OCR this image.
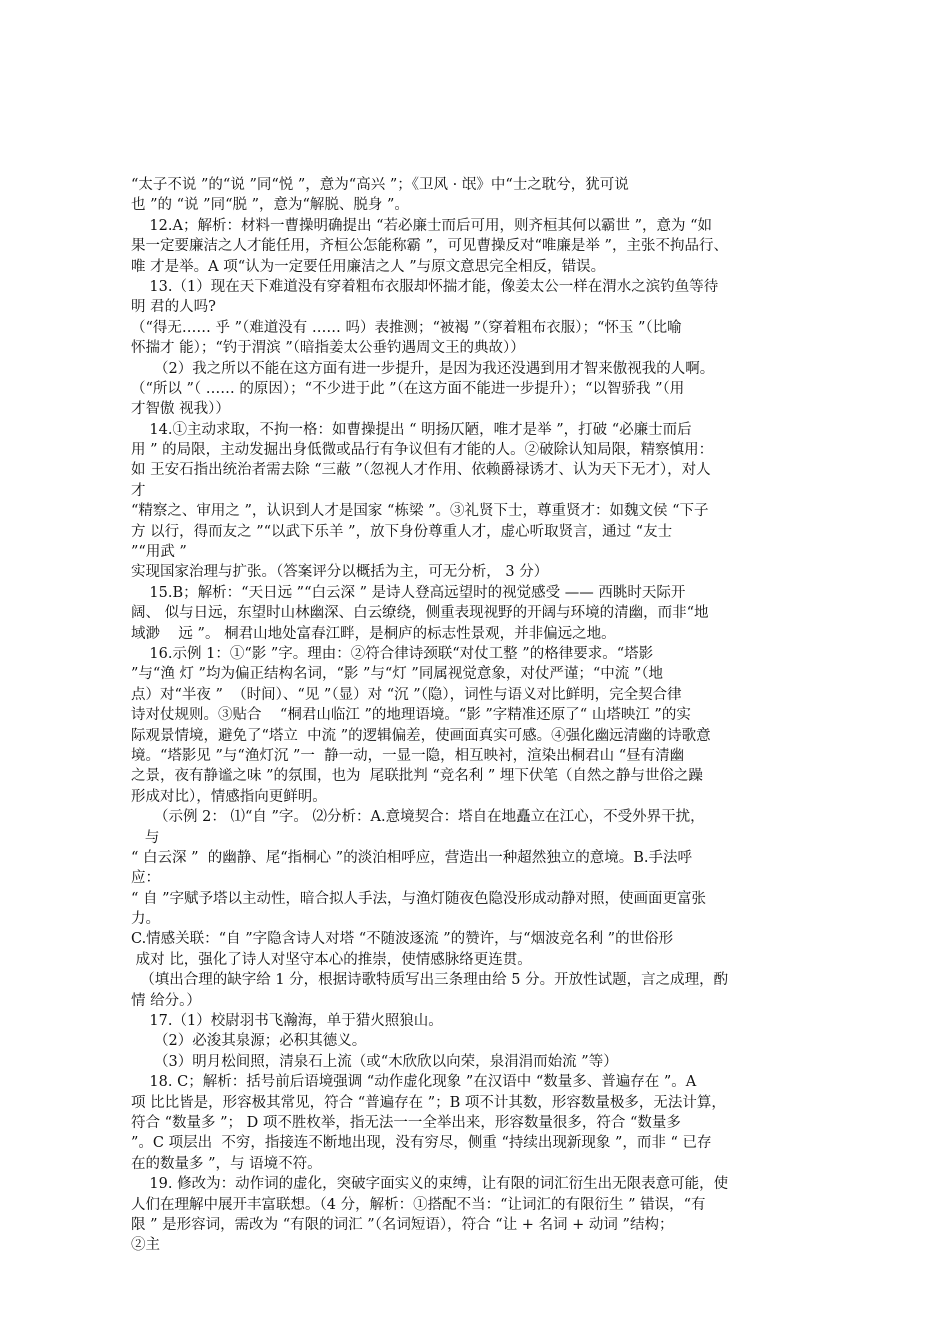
“太子不说 ”的“说 ”同“悦 ”，意为“高兴 ”；《卫风 · 氓》中“士之耽兮，犹可说
也 ”的 “说 ”同“脱 ”，意为“解脱、脱身 ”。
12.A；解析：材料一曹操明确提出 “若必廉士而后可用，则齐桓其何以霸世 ”，意为 “如
果一定要廉洁之人才能任用，齐桓公怎能称霸 ”，可见曹操反对“唯廉是举 ”，主张不拘品行、
唯 才是举。A 项“认为一定要任用廉洁之人 ”与原文意思完全相反，错误。
13.（1）现在天下难道没有穿着粗布衣服却怀揣才能，像姜太公一样在渭水之滨钓鱼等待
明 君的人吗?
（“得无…… 乎 ”（难道没有 …… 吗）表推测；“被褐 ”（穿着粗布衣服）；“怀玉 ”（比喻
怀揣才 能）；“钓于渭滨 ”（暗指姜太公垂钓遇周文王的典故））
（2）我之所以不能在这方面有进一步提升，是因为我还没遇到用才智来傲视我的人啊。
（“所以 ”（ …… 的原因）；“不少进于此 ”（在这方面不能进一步提升）；“以智骄我 ”（用
才智傲 视我））
14.①主动求取，不拘一格：如曹操提出 “ 明扬仄陋，唯才是举 ”，打破 “必廉士而后
用 ” 的局限，主动发掘出身低微或品行有争议但有才能的人。②破除认知局限，精察慎用：
如 王安石指出统治者需去除 “三蔽 ”（忽视人才作用、依赖爵禄诱才、认为天下无才），对人
才
“精察之、审用之 ”，认识到人才是国家 “栋梁 ”。③礼贤下士，尊重贤才：如魏文侯 “下子
方 以行，得而友之 ”“以武下乐羊 ”，放下身份尊重人才，虚心听取贤言，通过 “友士
”“用武 ”
实现国家治理与扩张。（答案评分以概括为主，可无分析， 3 分）
15.B；解析：“天日远 ”“白云深 ” 是诗人登高远望时的视觉感受 —— 西眺时天际开
阔、 似与日远，东望时山林幽深、白云缭绕，侧重表现视野的开阔与环境的清幽，而非“地
域渺    远 ”。 桐君山地处富春江畔，是桐庐的标志性景观，并非偏远之地。
16.示例 1：①“影 ”字。理由：②符合律诗颈联“对仗工整 ”的格律要求。“塔影
”与“渔 灯 ”均为偏正结构名词，“影 ”与“灯 ”同属视觉意象，对仗严谨；“中流 ”（地
点）对“半夜 ”  （时间）、“见 ”（显）对 “沉 ”（隐），词性与语义对比鲜明，完全契合律
诗对仗规则。③贴合    “桐君山临江 ”的地理语境。“影 ”字精准还原了“ 山塔映江 ”的实
际观景情境，避免了“塔立  中流 ”的逻辑偏差，使画面真实可感。④强化幽远清幽的诗歌意
境。“塔影见 ”与“渔灯沉 ”一  静一动，一显一隐，相互映衬，渲染出桐君山 “昼有清幽
之景，夜有静谧之味 ”的氛围，也为  尾联批判 “竞名利 ” 埋下伏笔（自然之静与世俗之躁
形成对比），情感指向更鲜明。
（示例 2： ⑴“自 ”字。 ⑵分析：A.意境契合：塔自在地矗立在江心，不受外界干扰，
与
“ 白云深 ”  的幽静、尾“指桐心 ”的淡泊相呼应，营造出一种超然独立的意境。B.手法呼
应：
“ 自 ”字赋予塔以主动性，暗合拟人手法，与渔灯随夜色隐没形成动静对照，使画面更富张
力。
C.情感关联：“自 ”字隐含诗人对塔 “不随波逐流 ”的赞许，与“烟波竞名利 ”的世俗形
成对 比，强化了诗人对坚守本心的推崇，使情感脉络更连贯。
（填出合理的缺字给 1 分，根据诗歌特质写出三条理由给 5 分。开放性试题，言之成理，酌
情 给分。）
17.（1）校尉羽书飞瀚海，单于猎火照狼山。
（2）必浚其泉源；必积其德义。
（3）明月松间照，清泉石上流（或“木欣欣以向荣，泉涓涓而始流 ”等）
18. C；解析：括号前后语境强调 “动作虚化现象 ”在汉语中 “数量多、普遍存在 ”。A
项 比比皆是，形容极其常见，符合 “普遍存在 ”；B 项不计其数，形容数量极多，无法计算，
符合 “数量多 ”； D 项不胜枚举，指无法一一全举出来，形容数量很多，符合 “数量多
”。C 项层出  不穷，指接连不断地出现，没有穷尽，侧重 “持续出现新现象 ”，而非 “ 已存
在的数量多 ”，与 语境不符。
19. 修改为：动作词的虚化，突破字面实义的束缚，让有限的词汇衍生出无限表意可能，使
人们在理解中展开丰富联想。（4 分，解析：①搭配不当：“让词汇的有限衍生 ” 错误，“有
限 ” 是形容词，需改为 “有限的词汇 ”（名词短语），符合 “让 + 名词 + 动词 ”结构；
②主
